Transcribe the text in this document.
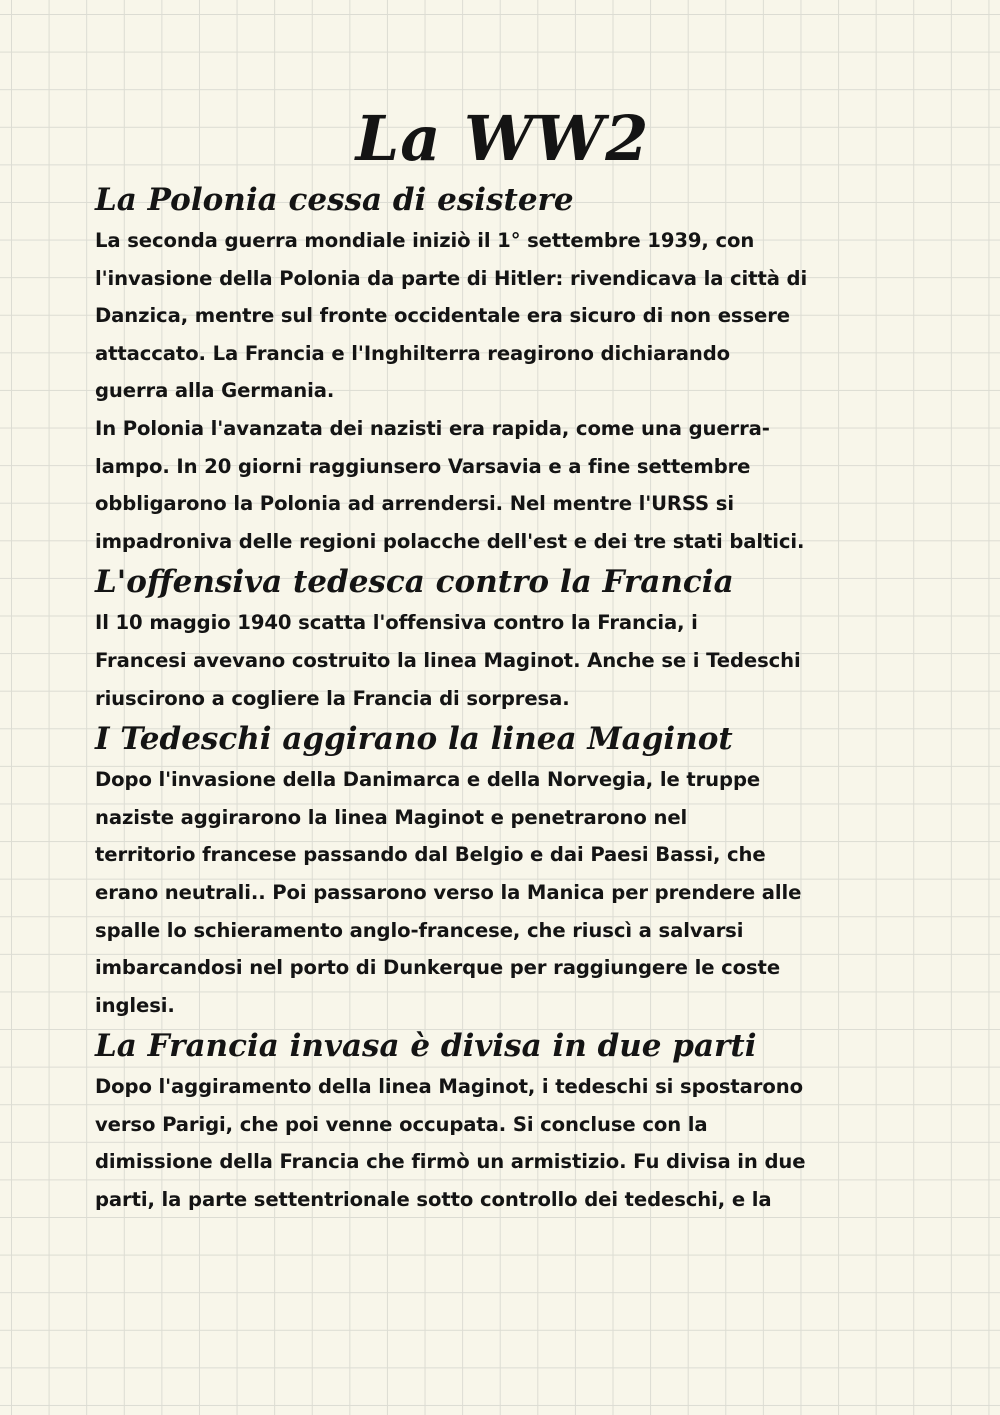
La WW2
La Polonia cessa di esistere

La seconda guerra mondiale iniziò il 1° settembre 1939, con
l'invasione della Polonia da parte di Hitler: rivendicava la città di
Danzica, mentre sul fronte occidentale era sicuro di non essere
attaccato. La Francia e l'Inghilterra reagirono dichiarando
guerra alla Germania.

In Polonia l'avanzata dei nazisti era rapida, come una guerra-
lampo. In 20 giorni raggiunsero Varsavia e a fine settembre
obbligarono la Polonia ad arrendersi. Nel mentre l'URSS si
impadroniva delle regioni polacche dell'est e dei tre stati baltici.

L'offensiva tedesca contro la Francia

Il 10 maggio 1940 scatta l'offensiva contro la Francia, i
Francesi avevano costruito la linea Maginot. Anche se i Tedeschi
riuscirono a cogliere la Francia di sorpresa.

I Tedeschi aggirano la linea Maginot

Dopo l'invasione della Danimarca e della Norvegia, le truppe
naziste aggirarono la linea Maginot e penetrarono nel
territorio francese passando dal Belgio e dai Paesi Bassi, che
erano neutrali.. Poi passarono verso la Manica per prendere alle
spalle lo schieramento anglo-francese, che riuscì a salvarsi
imbarcandosi nel porto di Dunkerque per raggiungere le coste
inglesi.

La Francia invasa è divisa in due parti

Dopo l'aggiramento della linea Maginot, i tedeschi si spostarono
verso Parigi, che poi venne occupata. Si concluse con la
dimissione della Francia che firmò un armistizio. Fu divisa in due
parti, la parte settentrionale sotto controllo dei tedeschi, e la
